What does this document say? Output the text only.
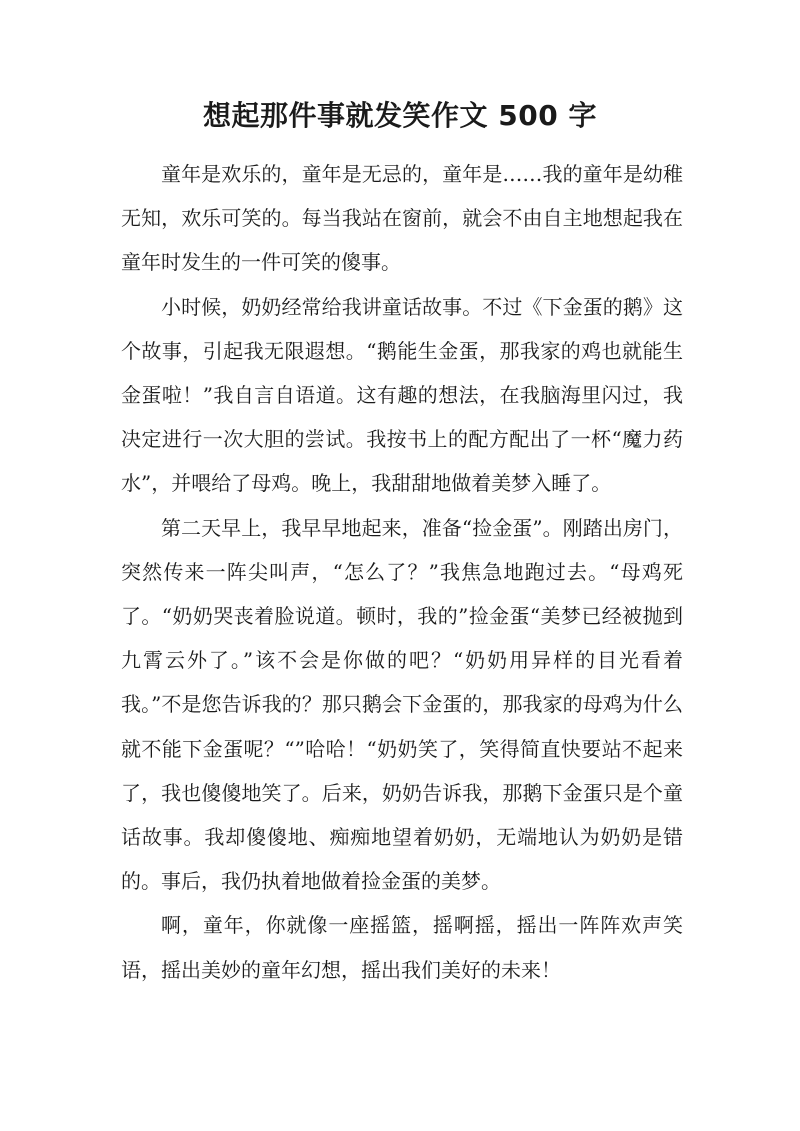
想起那件事就发笑作文 500 字

童年是欢乐的，童年是无忌的，童年是……我的童年是幼稚无知，欢乐可笑的。每当我站在窗前，就会不由自主地想起我在童年时发生的一件可笑的傻事。

小时候，奶奶经常给我讲童话故事。不过《下金蛋的鹅》这个故事，引起我无限遐想。“鹅能生金蛋，那我家的鸡也就能生金蛋啦！”我自言自语道。这有趣的想法，在我脑海里闪过，我决定进行一次大胆的尝试。我按书上的配方配出了一杯“魔力药水”，并喂给了母鸡。晚上，我甜甜地做着美梦入睡了。

第二天早上，我早早地起来，准备“捡金蛋”。刚踏出房门，突然传来一阵尖叫声，“怎么了？”我焦急地跑过去。“母鸡死了。“奶奶哭丧着脸说道。顿时，我的”捡金蛋“美梦已经被抛到九霄云外了。”该不会是你做的吧？“奶奶用异样的目光看着我。”不是您告诉我的？那只鹅会下金蛋的，那我家的母鸡为什么就不能下金蛋呢？“”哈哈！“奶奶笑了，笑得简直快要站不起来了，我也傻傻地笑了。后来，奶奶告诉我，那鹅下金蛋只是个童话故事。我却傻傻地、痴痴地望着奶奶，无端地认为奶奶是错的。事后，我仍执着地做着捡金蛋的美梦。

啊，童年，你就像一座摇篮，摇啊摇，摇出一阵阵欢声笑语，摇出美妙的童年幻想，摇出我们美好的未来！
